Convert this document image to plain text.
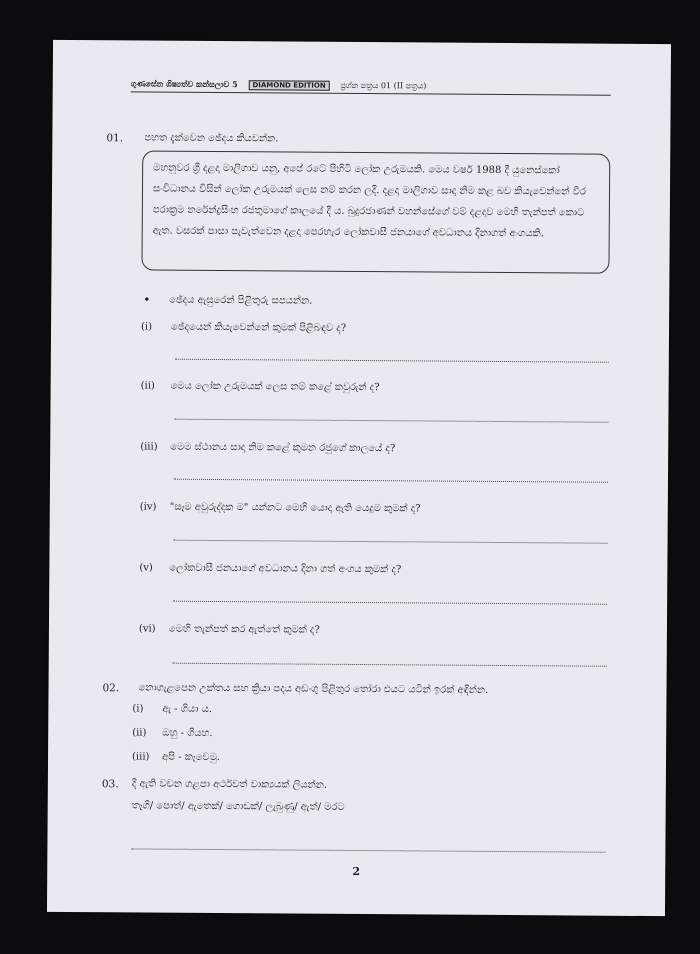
ගුණසේන ශිෂ්‍යත්ව කන්සලාව 5 DIAMOND EDITION ප්‍රශ්න පත්‍රය 01 (II පත්‍රය)
01. පහත දැක්වෙන ඡේදය කියවන්න.
මහනුවර ශ්‍රී දළදා මාලිගාව යනු, අපේ රටේ පිහිටි ලෝක උරුමයකි. මෙය වර්ෂ 1988 දී යුනෙස්කෝ සංවිධානය විසින් ලෝක උරුමයක් ලෙස නම් කරන ලදී. දළදා මාලිගාව සාදා නිම කළ බව කියැවෙන්නේ වීර පරාක්‍රම නරේන්ද්‍රසිංහ රජතුමාගේ කාලයේ දී ය. බුදුරජාණන් වහන්සේගේ වම් දළදාව මෙහි තැන්පත් කොට ඇත. වසරක් පාසා පැවැත්වෙන දළදා පෙරහැර ලෝකවාසී ජනයාගේ අවධානය දිනාගත් අංගයකි.
• ඡේදය ඇසුරෙන් පිළිතුරු සපයන්න.
(i) ඡේදයෙන් කියැවෙන්නේ කුමක් පිළිබඳව ද?
(ii) මෙය ලෝක උරුමයක් ලෙස නම් කළේ කවුරුන් ද?
(iii) මෙම ස්ථානය සාදා නිම කළේ කුමන රජුගේ කාලයේ ද?
(iv) "සෑම අවුරුද්දක ම" යන්නට මෙහි යොදා ඇති යෙදුම කුමක් ද?
(v) ලෝකවාසී ජනයාගේ අවධානය දිනා ගත් අංගය කුමක් ද?
(vi) මෙහි තැන්පත් කර ඇත්තේ කුමක් ද?
02. නොගැළපෙන උක්තය සහ ක්‍රියා පදය අඩංගු පිළිතුර තෝරා එයට යටින් ඉරක් අඳින්න.
(i) ඇ - ගියා ය.
(ii) ඔහු - ගියහ.
(iii) අපි - කෑවෙමු.
03. දී ඇති වචන ගළපා අර්ථවත් වාක්‍යයක් ලියන්න.
තෑගි/ පොත්/ ඇතෙක්/ ගොඩක්/ ලැබුණු/ ඇත්/ මරට
2
